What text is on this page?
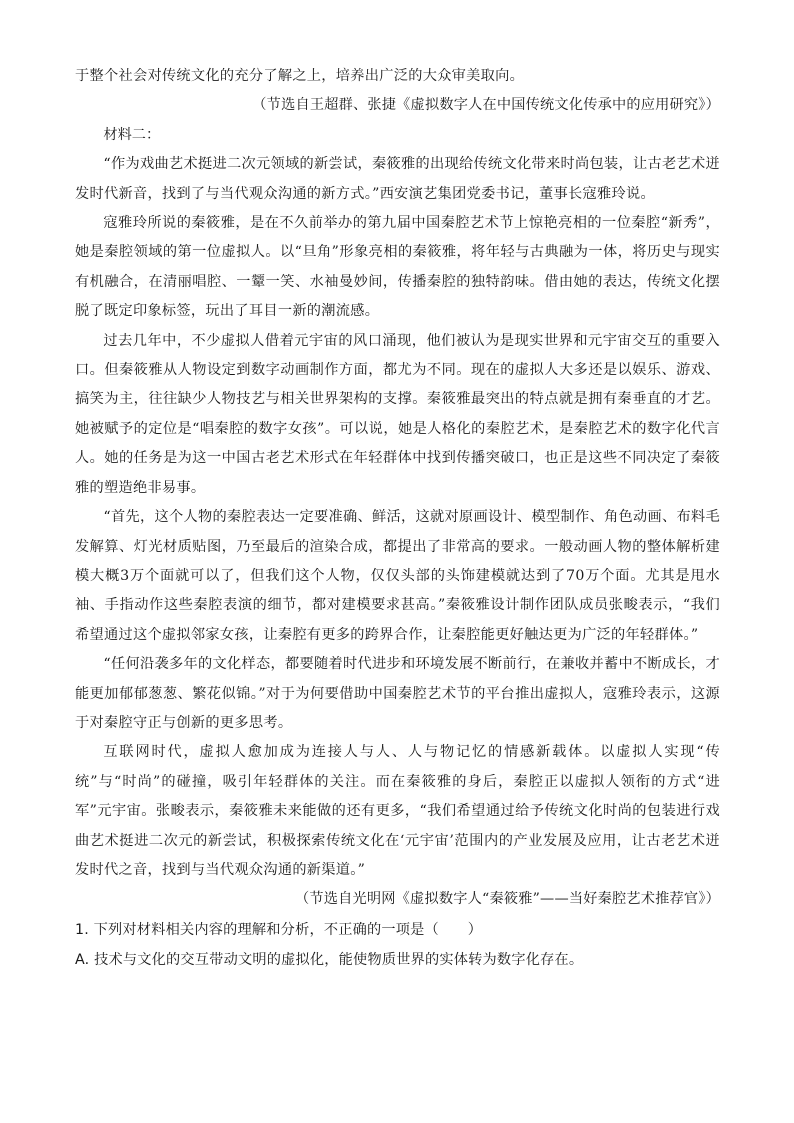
于整个社会对传统文化的充分了解之上，培养出广泛的大众审美取向。

（节选自王超群、张捷《虚拟数字人在中国传统文化传承中的应用研究》）

材料二：

“作为戏曲艺术挺进二次元领域的新尝试，秦筱雅的出现给传统文化带来时尚包装，让古老艺术迸发时代新音，找到了与当代观众沟通的新方式。”西安演艺集团党委书记，董事长寇雅玲说。

寇雅玲所说的秦筱雅，是在不久前举办的第九届中国秦腔艺术节上惊艳亮相的一位秦腔“新秀”，她是秦腔领域的第一位虚拟人。以“旦角”形象亮相的秦筱雅，将年轻与古典融为一体，将历史与现实有机融合，在清丽唱腔、一颦一笑、水袖曼妙间，传播秦腔的独特韵味。借由她的表达，传统文化摆脱了既定印象标签，玩出了耳目一新的潮流感。

过去几年中，不少虚拟人借着元宇宙的风口涌现，他们被认为是现实世界和元宇宙交互的重要入口。但秦筱雅从人物设定到数字动画制作方面，都尤为不同。现在的虚拟人大多还是以娱乐、游戏、搞笑为主，往往缺少人物技艺与相关世界架构的支撑。秦筱雅最突出的特点就是拥有秦垂直的才艺。她被赋予的定位是“唱秦腔的数字女孩”。可以说，她是人格化的秦腔艺术，是秦腔艺术的数字化代言人。她的任务是为这一中国古老艺术形式在年轻群体中找到传播突破口，也正是这些不同决定了秦筱雅的塑造绝非易事。

“首先，这个人物的秦腔表达一定要准确、鲜活，这就对原画设计、模型制作、角色动画、布料毛发解算、灯光材质贴图，乃至最后的渲染合成，都提出了非常高的要求。一般动画人物的整体解析建模大概3万个面就可以了，但我们这个人物，仅仅头部的头饰建模就达到了70万个面。尤其是甩水袖、手指动作这些秦腔表演的细节，都对建模要求甚高。”秦筱雅设计制作团队成员张畯表示，“我们希望通过这个虚拟邻家女孩，让秦腔有更多的跨界合作，让秦腔能更好触达更为广泛的年轻群体。”

“任何沿袭多年的文化样态，都要随着时代进步和环境发展不断前行，在兼收并蓄中不断成长，才能更加郁郁葱葱、繁花似锦。”对于为何要借助中国秦腔艺术节的平台推出虚拟人，寇雅玲表示，这源于对秦腔守正与创新的更多思考。

互联网时代，虚拟人愈加成为连接人与人、人与物记忆的情感新载体。以虚拟人实现“传统”与“时尚”的碰撞，吸引年轻群体的关注。而在秦筱雅的身后，秦腔正以虚拟人领衔的方式“进军”元宇宙。张畯表示，秦筱雅未来能做的还有更多，“我们希望通过给予传统文化时尚的包装进行戏曲艺术挺进二次元的新尝试，积极探索传统文化在‘元宇宙’范围内的产业发展及应用，让古老艺术迸发时代之音，找到与当代观众沟通的新渠道。”

（节选自光明网《虚拟数字人“秦筱雅”——当好秦腔艺术推荐官》）

1. 下列对材料相关内容的理解和分析，不正确的一项是（　　）

A. 技术与文化的交互带动文明的虚拟化，能使物质世界的实体转为数字化存在。
